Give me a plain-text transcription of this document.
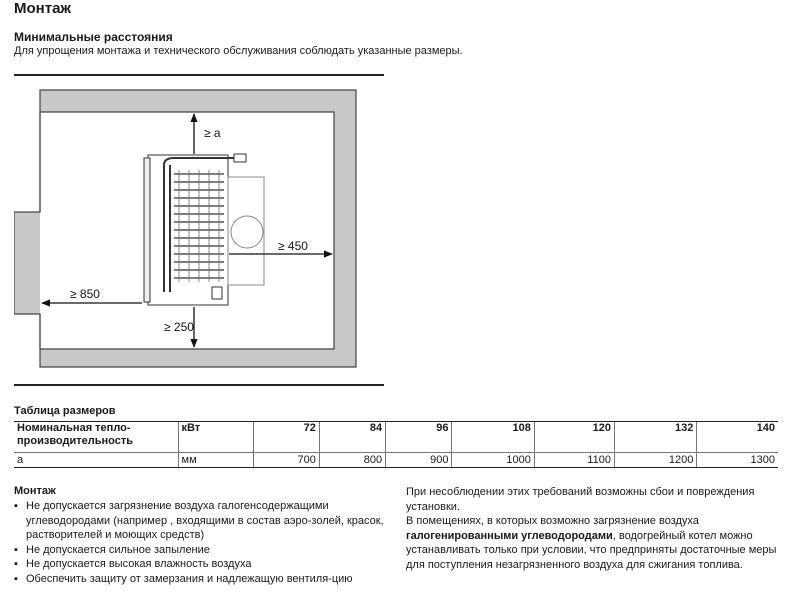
Монтаж
Минимальные расстояния
Для упрощения монтажа и технического обслуживания соблюдать указанные размеры.
≥ a
≥ 450
≥ 850
≥ 250
Таблица размеров
Номинальная тепло-
производительность	кВт	72	84	96	108	120	132	140
a	мм	700	800	900	1000	1100	1200	1300
Монтаж
▪ Не допускается загрязнение воздуха галогенсодержащими углеводородами (например , входящими в состав аэро-золей, красок, растворителей и моющих средств)
▪ Не допускается сильное запыление
▪ Не допускается высокая влажность воздуха
▪ Обеспечить защиту от замерзания и надлежащую вентиля-цию

При несоблюдении этих требований возможны сбои и повреждения установки.

В помещениях, в которых возможно загрязнение воздуха галогенированными углеводородами, водогрейный котел можно устанавливать только при условии, что предприняты достаточные меры для поступления незагрязненного воздуха для сжигания топлива.
